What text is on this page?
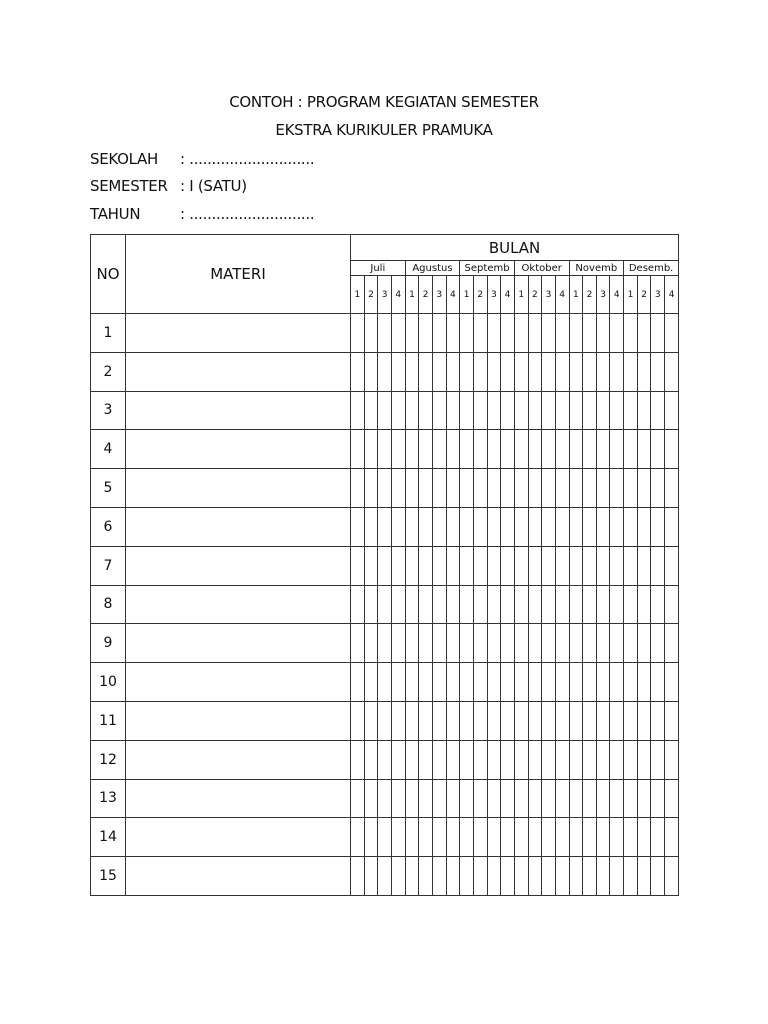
CONTOH : PROGRAM KEGIATAN SEMESTER
EKSTRA KURIKULER PRAMUKA
SEKOLAH : ............................
SEMESTER : I (SATU)
TAHUN	: ............................
NO	MATERI	BULAN																							
		Juli				Agustus				Septemb				Oktober				Novemb				Desemb.			
		1	2	3	4	1	2	3	4	1	2	3	4	1	2	3	4	1	2	3	4	1	2	3	4
1																									
2																									
3																									
4																									
5																									
6																									
7																									
8																									
9																									
10																									
11																									
12																									
13																									
14																									
15																									
